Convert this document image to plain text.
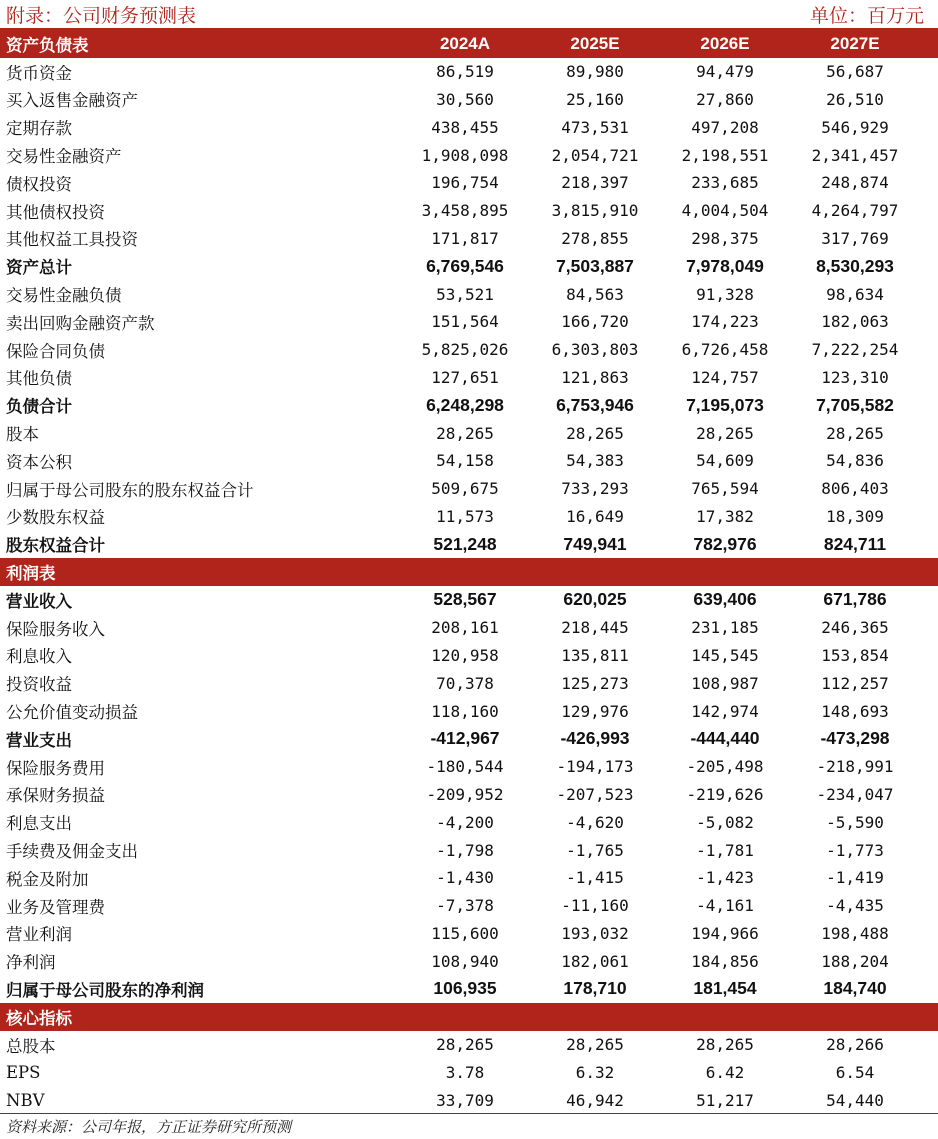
附录：公司财务预测表	单位：百万元
资产负债表	2024A	2025E	2026E	2027E
货币资金	86,519	89,980	94,479	56,687
买入返售金融资产	30,560	25,160	27,860	26,510
定期存款	438,455	473,531	497,208	546,929
交易性金融资产	1,908,098	2,054,721	2,198,551	2,341,457
债权投资	196,754	218,397	233,685	248,874
其他债权投资	3,458,895	3,815,910	4,004,504	4,264,797
其他权益工具投资	171,817	278,855	298,375	317,769
资产总计	6,769,546	7,503,887	7,978,049	8,530,293
交易性金融负债	53,521	84,563	91,328	98,634
卖出回购金融资产款	151,564	166,720	174,223	182,063
保险合同负债	5,825,026	6,303,803	6,726,458	7,222,254
其他负债	127,651	121,863	124,757	123,310
负债合计	6,248,298	6,753,946	7,195,073	7,705,582
股本	28,265	28,265	28,265	28,265
资本公积	54,158	54,383	54,609	54,836
归属于母公司股东的股东权益合计	509,675	733,293	765,594	806,403
少数股东权益	11,573	16,649	17,382	18,309
股东权益合计	521,248	749,941	782,976	824,711
利润表
营业收入	528,567	620,025	639,406	671,786
保险服务收入	208,161	218,445	231,185	246,365
利息收入	120,958	135,811	145,545	153,854
投资收益	70,378	125,273	108,987	112,257
公允价值变动损益	118,160	129,976	142,974	148,693
营业支出	-412,967	-426,993	-444,440	-473,298
保险服务费用	-180,544	-194,173	-205,498	-218,991
承保财务损益	-209,952	-207,523	-219,626	-234,047
利息支出	-4,200	-4,620	-5,082	-5,590
手续费及佣金支出	-1,798	-1,765	-1,781	-1,773
税金及附加	-1,430	-1,415	-1,423	-1,419
业务及管理费	-7,378	-11,160	-4,161	-4,435
营业利润	115,600	193,032	194,966	198,488
净利润	108,940	182,061	184,856	188,204
归属于母公司股东的净利润	106,935	178,710	181,454	184,740
核心指标
总股本	28,265	28,265	28,265	28,266
EPS	3.78	6.32	6.42	6.54
NBV	33,709	46,942	51,217	54,440
资料来源：公司年报，方正证券研究所预测
